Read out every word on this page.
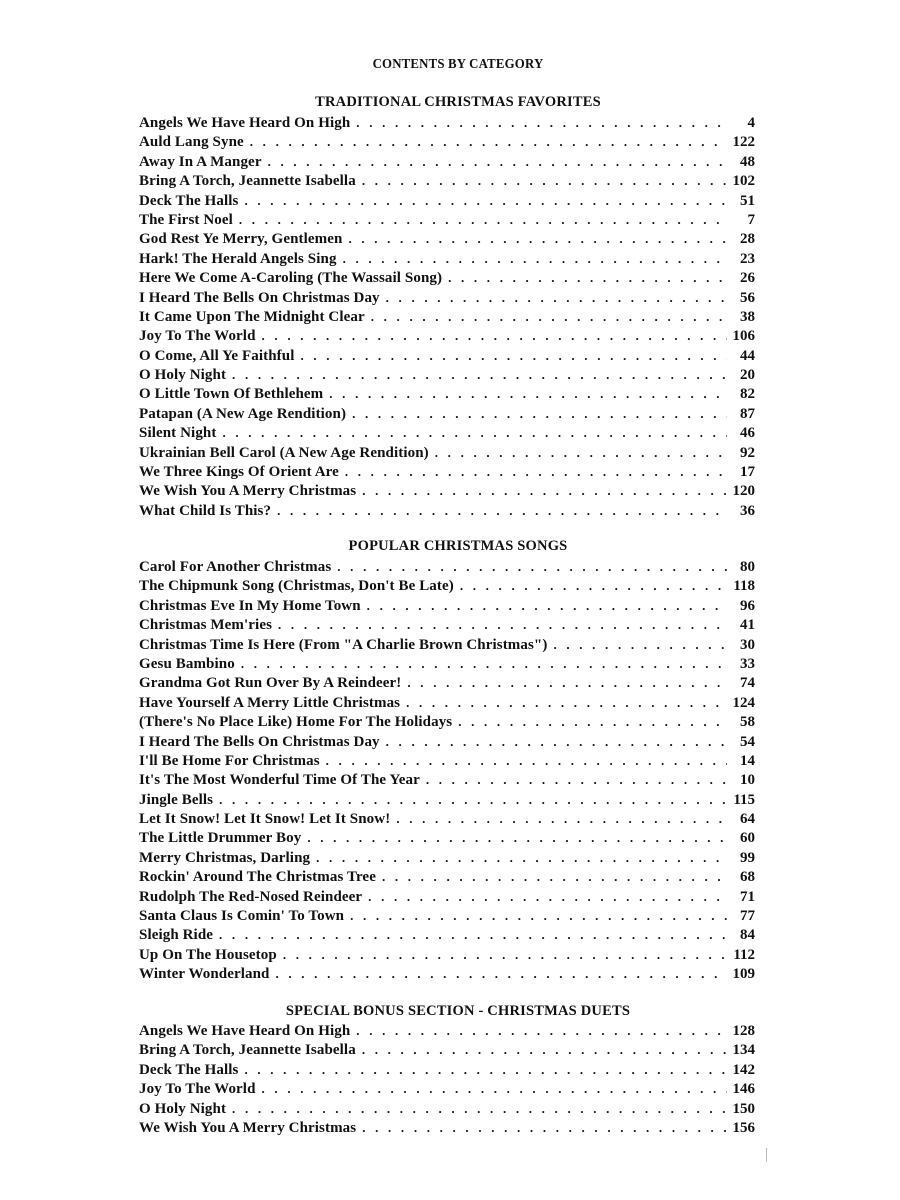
CONTENTS BY CATEGORY
TRADITIONAL CHRISTMAS FAVORITES
Angels We Have Heard On High . . .	4
Auld Lang Syne . . .	122
Away In A Manger . . .	48
Bring A Torch, Jeannette Isabella . . .	102
Deck The Halls . . .	51
The First Noel . . .	7
God Rest Ye Merry, Gentlemen . . .	28
Hark! The Herald Angels Sing . . .	23
Here We Come A-Caroling (The Wassail Song) . . .	26
I Heard The Bells On Christmas Day . . .	56
It Came Upon The Midnight Clear . . .	38
Joy To The World . . .	106
O Come, All Ye Faithful . . .	44
O Holy Night . . .	20
O Little Town Of Bethlehem . . .	82
Patapan (A New Age Rendition) . . .	87
Silent Night . . .	46
Ukrainian Bell Carol (A New Age Rendition) . . .	92
We Three Kings Of Orient Are . . .	17
We Wish You A Merry Christmas . . .	120
What Child Is This? . . .	36
POPULAR CHRISTMAS SONGS
Carol For Another Christmas . . .	80
The Chipmunk Song (Christmas, Don't Be Late) . . .	118
Christmas Eve In My Home Town . . .	96
Christmas Mem'ries . . .	41
Christmas Time Is Here (From "A Charlie Brown Christmas") . . .	30
Gesu Bambino . . .	33
Grandma Got Run Over By A Reindeer! . . .	74
Have Yourself A Merry Little Christmas . . .	124
(There's No Place Like) Home For The Holidays . . .	58
I Heard The Bells On Christmas Day . . .	54
I'll Be Home For Christmas . . .	14
It's The Most Wonderful Time Of The Year . . .	10
Jingle Bells . . .	115
Let It Snow! Let It Snow! Let It Snow! . . .	64
The Little Drummer Boy . . .	60
Merry Christmas, Darling . . .	99
Rockin' Around The Christmas Tree . . .	68
Rudolph The Red-Nosed Reindeer . . .	71
Santa Claus Is Comin' To Town . . .	77
Sleigh Ride . . .	84
Up On The Housetop . . .	112
Winter Wonderland . . .	109
SPECIAL BONUS SECTION - CHRISTMAS DUETS
Angels We Have Heard On High . . .	128
Bring A Torch, Jeannette Isabella . . .	134
Deck The Halls . . .	142
Joy To The World . . .	146
O Holy Night . . .	150
We Wish You A Merry Christmas . . .	156
